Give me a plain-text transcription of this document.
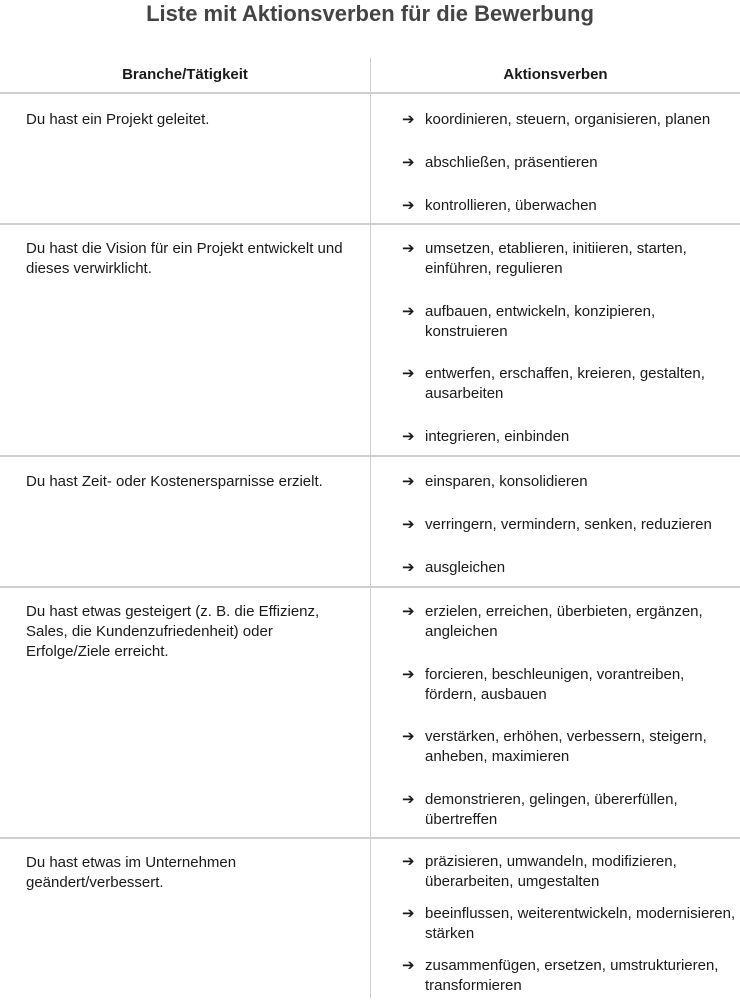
Liste mit Aktionsverben für die Bewerbung
Branche/Tätigkeit	Aktionsverben
Du hast ein Projekt geleitet.	➔ koordinieren, steuern, organisieren, planen
➔ abschließen, präsentieren
➔ kontrollieren, überwachen
Du hast die Vision für ein Projekt entwickelt und dieses verwirklicht.
➔ umsetzen, etablieren, initiieren, starten, einführen, regulieren
➔ aufbauen, entwickeln, konzipieren, konstruieren
➔ entwerfen, erschaffen, kreieren, gestalten, ausarbeiten
➔ integrieren, einbinden
Du hast Zeit- oder Kostenersparnisse erzielt.	➔ einsparen, konsolidieren
➔ verringern, vermindern, senken, reduzieren
➔ ausgleichen
Du hast etwas gesteigert (z. B. die Effizienz, Sales, die Kundenzufriedenheit) oder Erfolge/Ziele erreicht.
➔ erzielen, erreichen, überbieten, ergänzen, angleichen
➔ forcieren, beschleunigen, vorantreiben, fördern, ausbauen
➔ verstärken, erhöhen, verbessern, steigern, anheben, maximieren
➔ demonstrieren, gelingen, übererfüllen, übertreffen
Du hast etwas im Unternehmen geändert/verbessert.
➔ präzisieren, umwandeln, modifizieren, überarbeiten, umgestalten
➔ beeinflussen, weiterentwickeln, modernisieren, stärken
➔ zusammenfügen, ersetzen, umstrukturieren, transformieren
